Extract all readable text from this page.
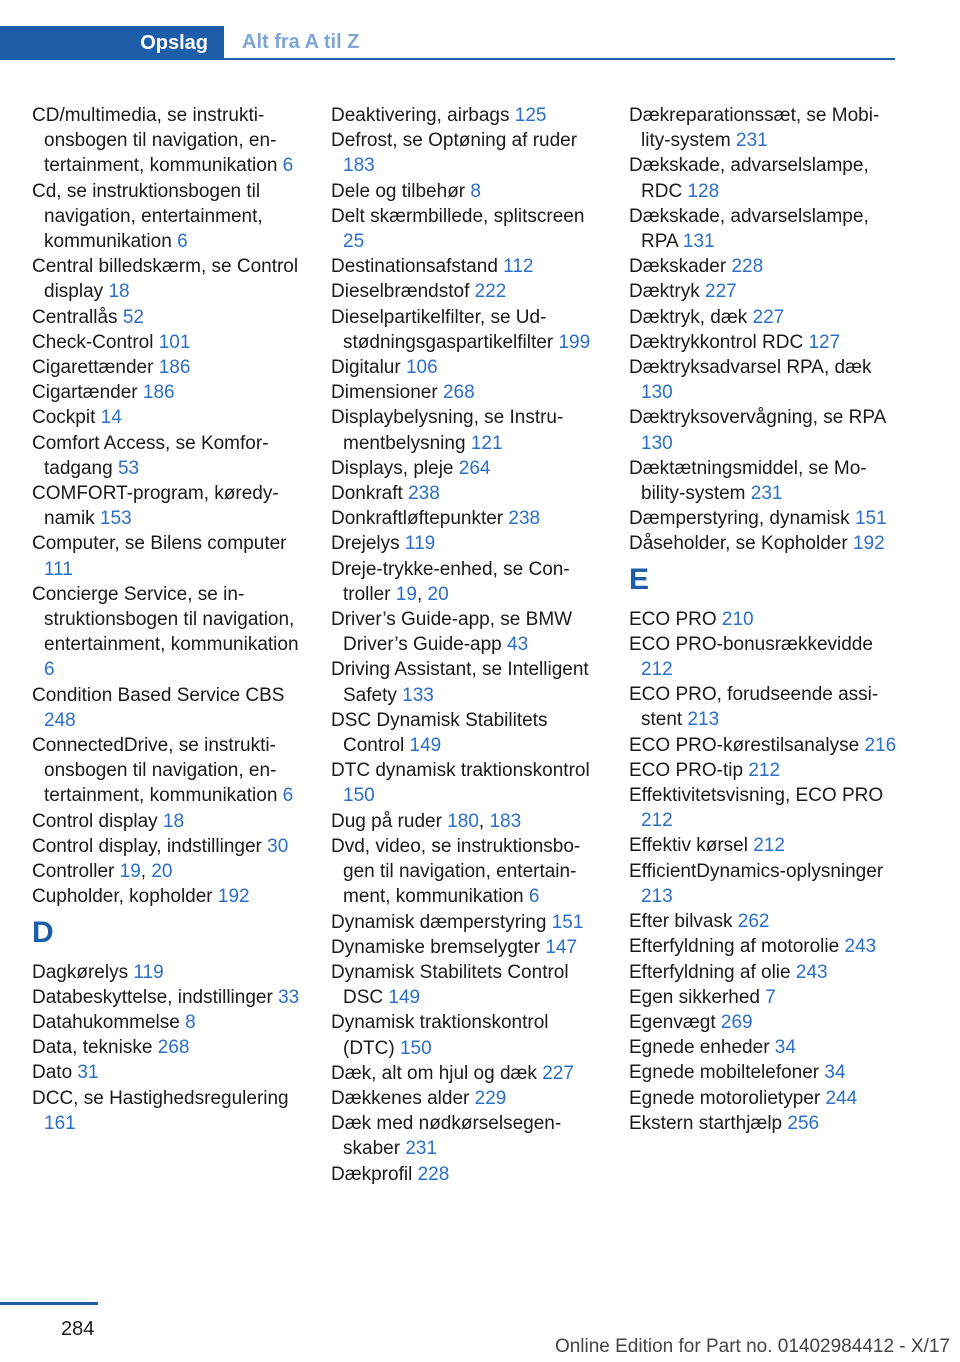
Opslag	Alt fra A til Z
CD/multimedia, se instruktionsbogen til navigation, entertainment, kommunikation 6
Cd, se instruktionsbogen til navigation, entertainment, kommunikation 6
Central billedskærm, se Control display 18
Centrallås 52
Check-Control 101
Cigarettænder 186
Cigartænder 186
Cockpit 14
Comfort Access, se Komfortadgang 53
COMFORT-program, køredynamik 153
Computer, se Bilens computer 111
Concierge Service, se instruktionsbogen til navigation, entertainment, kommunikation 6
Condition Based Service CBS 248
ConnectedDrive, se instruktionsbogen til navigation, entertainment, kommunikation 6
Control display 18
Control display, indstillinger 30
Controller 19, 20
Cupholder, kopholder 192
D
Dagkørelys 119
Databeskyttelse, indstillinger 33
Datahukommelse 8
Data, tekniske 268
Dato 31
DCC, se Hastighedsregulering 161
Deaktivering, airbags 125
Defrost, se Optøning af ruder 183
Dele og tilbehør 8
Delt skærmbillede, splitscreen 25
Destinationsafstand 112
Dieselbrændstof 222
Dieselpartikelfilter, se Udstødningsgaspartikelfilter 199
Digitalur 106
Dimensioner 268
Displaybelysning, se Instrumentbelysning 121
Displays, pleje 264
Donkraft 238
Donkraftløftepunkter 238
Drejelys 119
Dreje-trykke-enhed, se Controller 19, 20
Driver’s Guide-app, se BMW Driver’s Guide-app 43
Driving Assistant, se Intelligent Safety 133
DSC Dynamisk Stabilitets Control 149
DTC dynamisk traktionskontrol 150
Dug på ruder 180, 183
Dvd, video, se instruktionsbogen til navigation, entertainment, kommunikation 6
Dynamisk dæmperstyring 151
Dynamiske bremselygter 147
Dynamisk Stabilitets Control DSC 149
Dynamisk traktionskontrol (DTC) 150
Dæk, alt om hjul og dæk 227
Dækkenes alder 229
Dæk med nødkørselsegenskaber 231
Dækprofil 228
Dækreparationssæt, se Mobility-system 231
Dækskade, advarselslampe, RDC 128
Dækskade, advarselslampe, RPA 131
Dækskader 228
Dæktryk 227
Dæktryk, dæk 227
Dæktrykkontrol RDC 127
Dæktryksadvarsel RPA, dæk 130
Dæktryksovervågning, se RPA 130
Dæktætningsmiddel, se Mobility-system 231
Dæmperstyring, dynamisk 151
Dåseholder, se Kopholder 192
E
ECO PRO 210
ECO PRO-bonusrækkevidde 212
ECO PRO, forudseende assistent 213
ECO PRO-kørestilsanalyse 216
ECO PRO-tip 212
Effektivitetsvisning, ECO PRO 212
Effektiv kørsel 212
EfficientDynamics-oplysninger 213
Efter bilvask 262
Efterfyldning af motorolie 243
Efterfyldning af olie 243
Egen sikkerhed 7
Egenvægt 269
Egnede enheder 34
Egnede mobiltelefoner 34
Egnede motorolietyper 244
Ekstern starthjælp 256
284
Online Edition for Part no. 01402984412 - X/17
